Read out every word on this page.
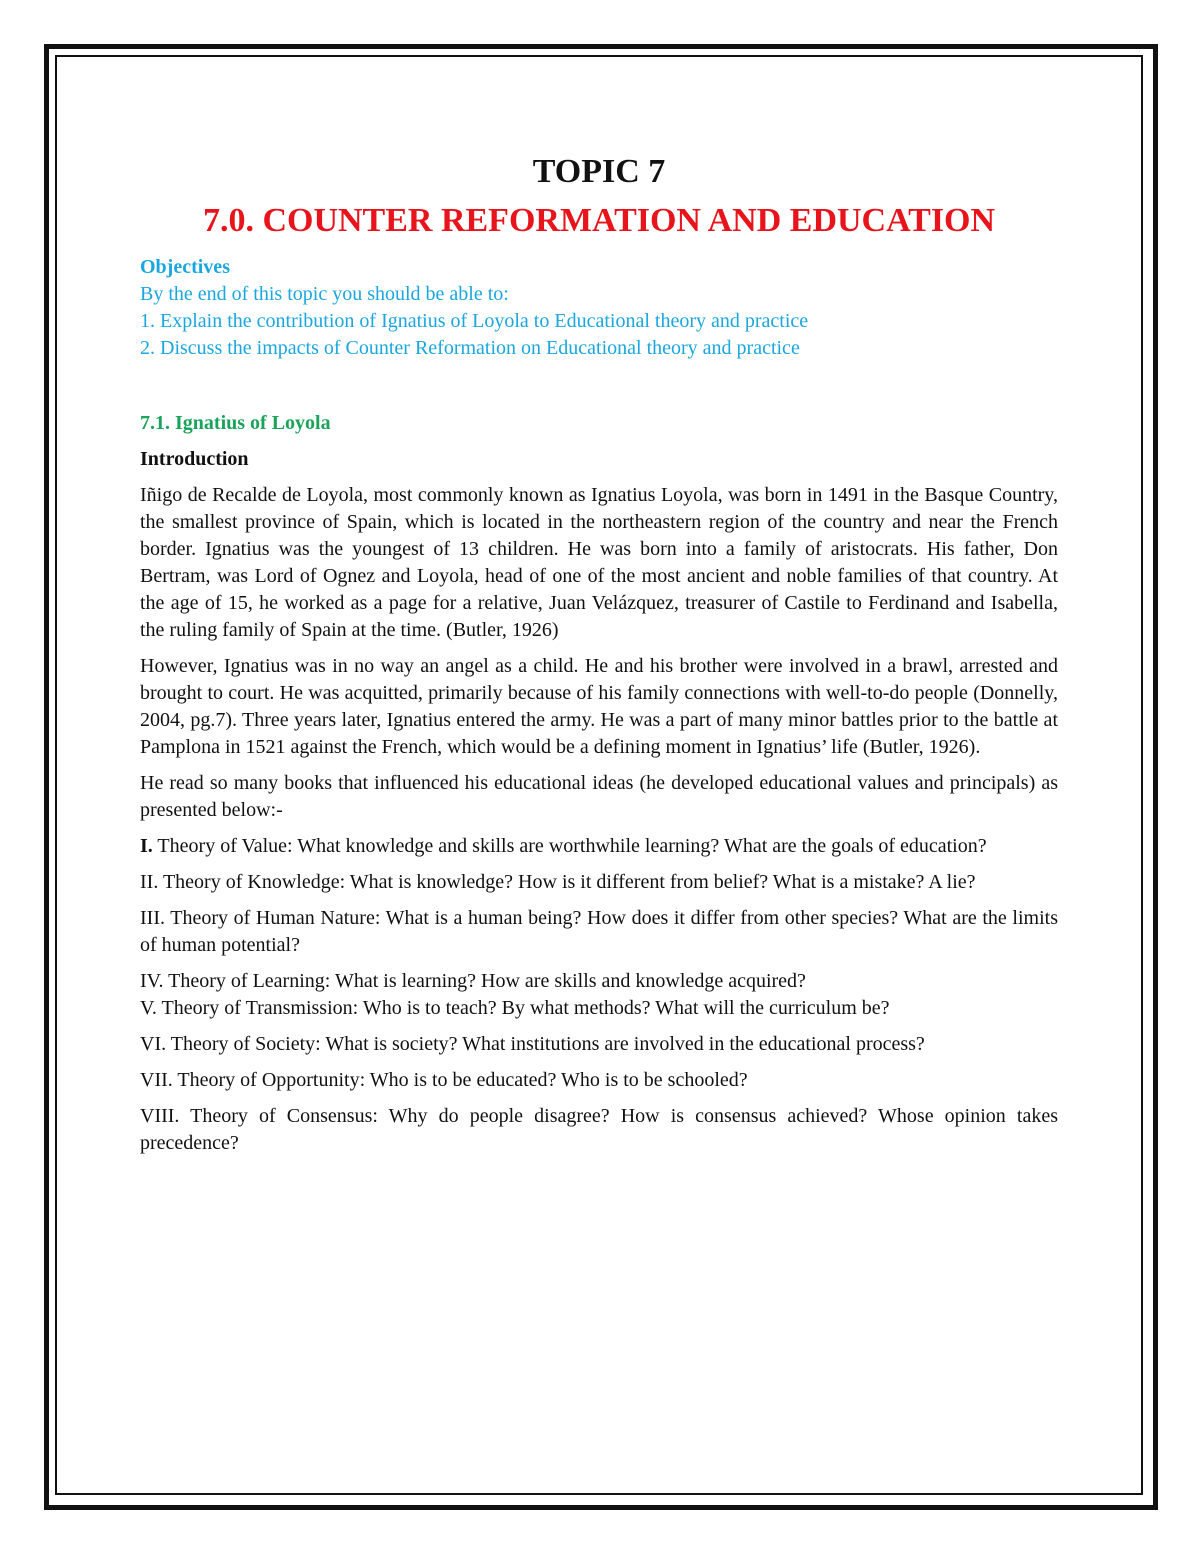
TOPIC 7
7.0. COUNTER REFORMATION AND EDUCATION

Objectives

By the end of this topic you should be able to:

1. Explain the contribution of Ignatius of Loyola to Educational theory and practice

2. Discuss the impacts of Counter Reformation on Educational theory and practice

7.1. Ignatius of Loyola

Introduction

Iñigo de Recalde de Loyola, most commonly known as Ignatius Loyola, was born in 1491 in the Basque Country, the smallest province of Spain, which is located in the northeastern region of the country and near the French border. Ignatius was the youngest of 13 children. He was born into a family of aristocrats. His father, Don Bertram, was Lord of Ognez and Loyola, head of one of the most ancient and noble families of that country. At the age of 15, he worked as a page for a relative, Juan Velázquez, treasurer of Castile to Ferdinand and Isabella, the ruling family of Spain at the time. (Butler, 1926)

However, Ignatius was in no way an angel as a child. He and his brother were involved in a brawl, arrested and brought to court. He was acquitted, primarily because of his family connections with well-to-do people (Donnelly, 2004, pg.7). Three years later, Ignatius entered the army. He was a part of many minor battles prior to the battle at Pamplona in 1521 against the French, which would be a defining moment in Ignatius’ life (Butler, 1926).

He read so many books that influenced his educational ideas (he developed educational values and principals) as presented below:-

I. Theory of Value: What knowledge and skills are worthwhile learning? What are the goals of education?

II. Theory of Knowledge: What is knowledge? How is it different from belief? What is a mistake? A lie?

III. Theory of Human Nature: What is a human being? How does it differ from other species? What are the limits of human potential?

IV. Theory of Learning: What is learning? How are skills and knowledge acquired?

V. Theory of Transmission: Who is to teach? By what methods? What will the curriculum be?

VI. Theory of Society: What is society? What institutions are involved in the educational process?

VII. Theory of Opportunity: Who is to be educated? Who is to be schooled?

VIII. Theory of Consensus: Why do people disagree? How is consensus achieved? Whose opinion takes precedence?
